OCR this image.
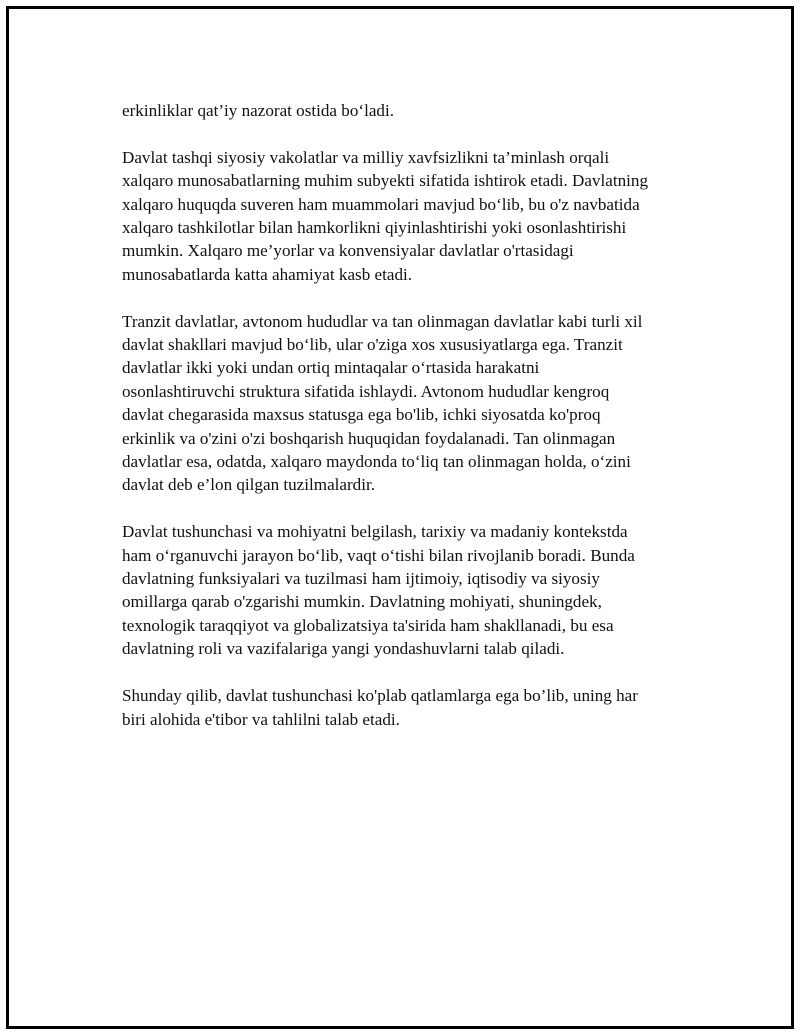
erkinliklar qat’iy nazorat ostida bo‘ladi.

Davlat tashqi siyosiy vakolatlar va milliy xavfsizlikni ta’minlash orqali
xalqaro munosabatlarning muhim subyekti sifatida ishtirok etadi. Davlatning
xalqaro huquqda suveren ham muammolari mavjud bo‘lib, bu o'z navbatida
xalqaro tashkilotlar bilan hamkorlikni qiyinlashtirishi yoki osonlashtirishi
mumkin. Xalqaro me’yorlar va konvensiyalar davlatlar o'rtasidagi
munosabatlarda katta ahamiyat kasb etadi.

Tranzit davlatlar, avtonom hududlar va tan olinmagan davlatlar kabi turli xil
davlat shakllari mavjud bo‘lib, ular o'ziga xos xususiyatlarga ega. Tranzit
davlatlar ikki yoki undan ortiq mintaqalar o‘rtasida harakatni
osonlashtiruvchi struktura sifatida ishlaydi. Avtonom hududlar kengroq
davlat chegarasida maxsus statusga ega bo'lib, ichki siyosatda ko'proq
erkinlik va o'zini o'zi boshqarish huquqidan foydalanadi. Tan olinmagan
davlatlar esa, odatda, xalqaro maydonda to‘liq tan olinmagan holda, o‘zini
davlat deb e’lon qilgan tuzilmalardir.

Davlat tushunchasi va mohiyatni belgilash, tarixiy va madaniy kontekstda
ham o‘rganuvchi jarayon bo‘lib, vaqt o‘tishi bilan rivojlanib boradi. Bunda
davlatning funksiyalari va tuzilmasi ham ijtimoiy, iqtisodiy va siyosiy
omillarga qarab o'zgarishi mumkin. Davlatning mohiyati, shuningdek,
texnologik taraqqiyot va globalizatsiya ta'sirida ham shakllanadi, bu esa
davlatning roli va vazifalariga yangi yondashuvlarni talab qiladi.

Shunday qilib, davlat tushunchasi ko'plab qatlamlarga ega bo’lib, uning har
biri alohida e'tibor va tahlilni talab etadi.
